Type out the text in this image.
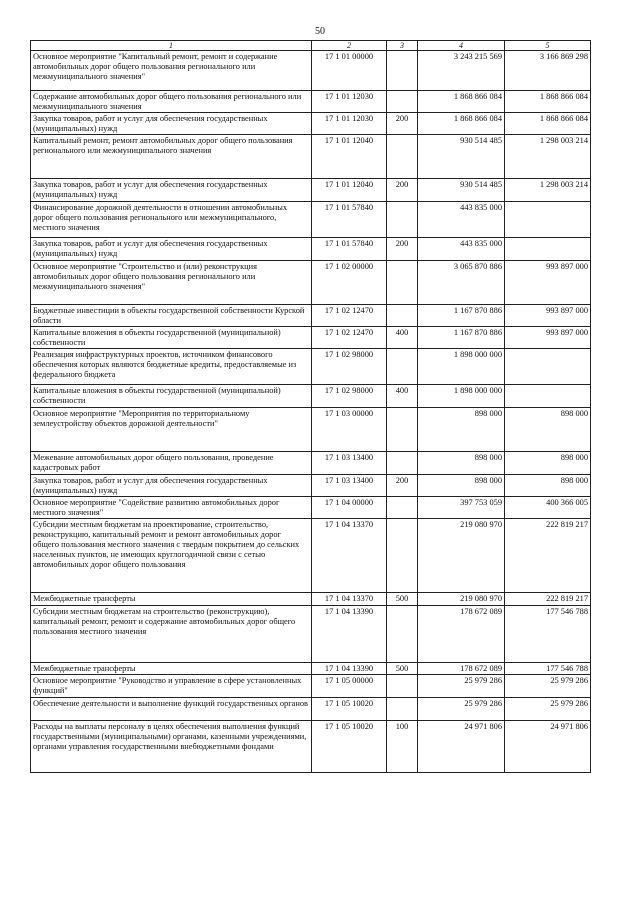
50
1	2	3	4	5
Основное мероприятие "Капитальный ремонт, ремонт и содержание автомобильных дорог общего пользования регионального или межмуниципального значения"	17 1 01 00000		3 243 215 569	3 166 869 298
Содержание автомобильных дорог общего пользования регионального или межмуниципального значения	17 1 01 12030		1 868 866 084	1 868 866 084
Закупка товаров, работ и услуг для обеспечения государственных (муниципальных) нужд	17 1 01 12030	200	1 868 866 084	1 868 866 084
Капитальный ремонт, ремонт автомобильных дорог общего пользования регионального или межмуниципального значения	17 1 01 12040		930 514 485	1 298 003 214
Закупка товаров, работ и услуг для обеспечения государственных (муниципальных) нужд	17 1 01 12040	200	930 514 485	1 298 003 214
Финансирование дорожной деятельности в отношении автомобильных дорог общего пользования регионального или межмуниципального, местного значения	17 1 01 57840		443 835 000	
Закупка товаров, работ и услуг для обеспечения государственных (муниципальных) нужд	17 1 01 57840	200	443 835 000	
Основное мероприятие "Строительство и (или) реконструкция автомобильных дорог общего пользования регионального или межмуниципального значения"	17 1 02 00000		3 065 870 886	993 897 000
Бюджетные инвестиции в объекты государственной собственности Курской области	17 1 02 12470		1 167 870 886	993 897 000
Капитальные вложения в объекты государственной (муниципальной) собственности	17 1 02 12470	400	1 167 870 886	993 897 000
Реализация инфраструктурных проектов, источником финансового обеспечения которых являются бюджетные кредиты, предоставляемые из федерального бюджета	17 1 02 98000		1 898 000 000	
Капитальные вложения в объекты государственной (муниципальной) собственности	17 1 02 98000	400	1 898 000 000	
Основное мероприятие "Мероприятия по территориальному землеустройству объектов дорожной деятельности"	17 1 03 00000		898 000	898 000
Межевание автомобильных дорог общего пользования, проведение кадастровых работ	17 1 03 13400		898 000	898 000
Закупка товаров, работ и услуг для обеспечения государственных (муниципальных) нужд	17 1 03 13400	200	898 000	898 000
Основное мероприятие "Содействие развитию автомобильных дорог местного значения"	17 1 04 00000		397 753 059	400 366 005
Субсидии местным бюджетам на проектирование, строительство, реконструкцию, капитальный ремонт и ремонт автомобильных дорог общего пользования местного значения с твердым покрытием до сельских населенных пунктов, не имеющих круглогодичной связи с сетью автомобильных дорог общего пользования	17 1 04 13370		219 080 970	222 819 217
Межбюджетные трансферты	17 1 04 13370	500	219 080 970	222 819 217
Субсидии местным бюджетам на строительство (реконструкцию), капитальный ремонт, ремонт и содержание автомобильных дорог общего пользования местного значения	17 1 04 13390		178 672 089	177 546 788
Межбюджетные трансферты	17 1 04 13390	500	178 672 089	177 546 788
Основное мероприятие "Руководство и управление в сфере установленных функций"	17 1 05 00000		25 979 286	25 979 286
Обеспечение деятельности и выполнение функций государственных органов	17 1 05 10020		25 979 286	25 979 286
Расходы на выплаты персоналу в целях обеспечения выполнения функций государственными (муниципальными) органами, казенными учреждениями, органами управления государственными внебюджетными фондами	17 1 05 10020	100	24 971 806	24 971 806
